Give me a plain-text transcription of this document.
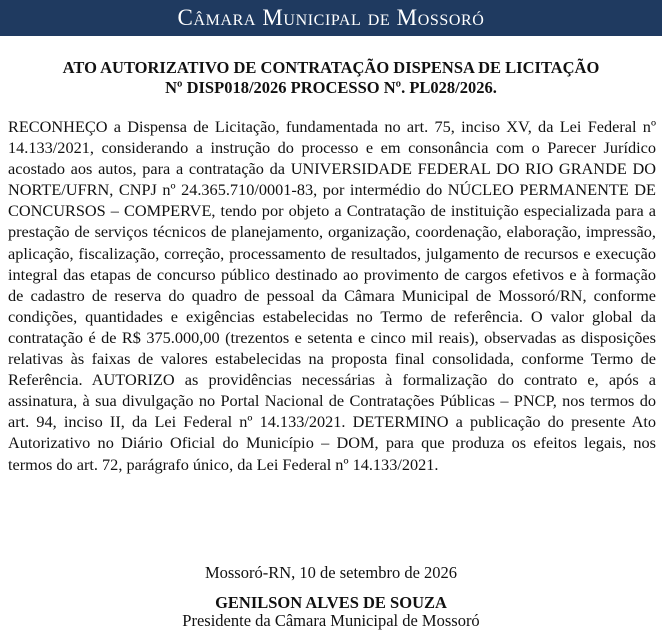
Câmara Municipal de Mossoró
ATO AUTORIZATIVO DE CONTRATAÇÃO DISPENSA DE LICITAÇÃO
Nº DISP018/2026 PROCESSO Nº. PL028/2026.
RECONHEÇO a Dispensa de Licitação, fundamentada no art. 75, inciso XV, da Lei Federal nº 14.133/2021, considerando a instrução do processo e em consonância com o Parecer Jurídico acostado aos autos, para a contratação da UNIVERSIDADE FEDERAL DO RIO GRANDE DO NORTE/UFRN, CNPJ nº 24.365.710/0001-83, por intermédio do NÚCLEO PERMANENTE DE CONCURSOS – COMPERVE, tendo por objeto a Contratação de instituição especializada para a prestação de serviços técnicos de planejamento, organização, coordenação, elaboração, impressão, aplicação, fiscalização, correção, processamento de resultados, julgamento de recursos e execução integral das etapas de concurso público destinado ao provimento de cargos efetivos e à formação de cadastro de reserva do quadro de pessoal da Câmara Municipal de Mossoró/RN, conforme condições, quantidades e exigências estabelecidas no Termo de referência. O valor global da contratação é de R$ 375.000,00 (trezentos e setenta e cinco mil reais), observadas as disposições relativas às faixas de valores estabelecidas na proposta final consolidada, conforme Termo de Referência. AUTORIZO as providências necessárias à formalização do contrato e, após a assinatura, à sua divulgação no Portal Nacional de Contratações Públicas – PNCP, nos termos do art. 94, inciso II, da Lei Federal nº 14.133/2021. DETERMINO a publicação do presente Ato Autorizativo no Diário Oficial do Município – DOM, para que produza os efeitos legais, nos termos do art. 72, parágrafo único, da Lei Federal nº 14.133/2021.
Mossoró-RN, 10 de setembro de 2026
GENILSON ALVES DE SOUZA
Presidente da Câmara Municipal de Mossoró
